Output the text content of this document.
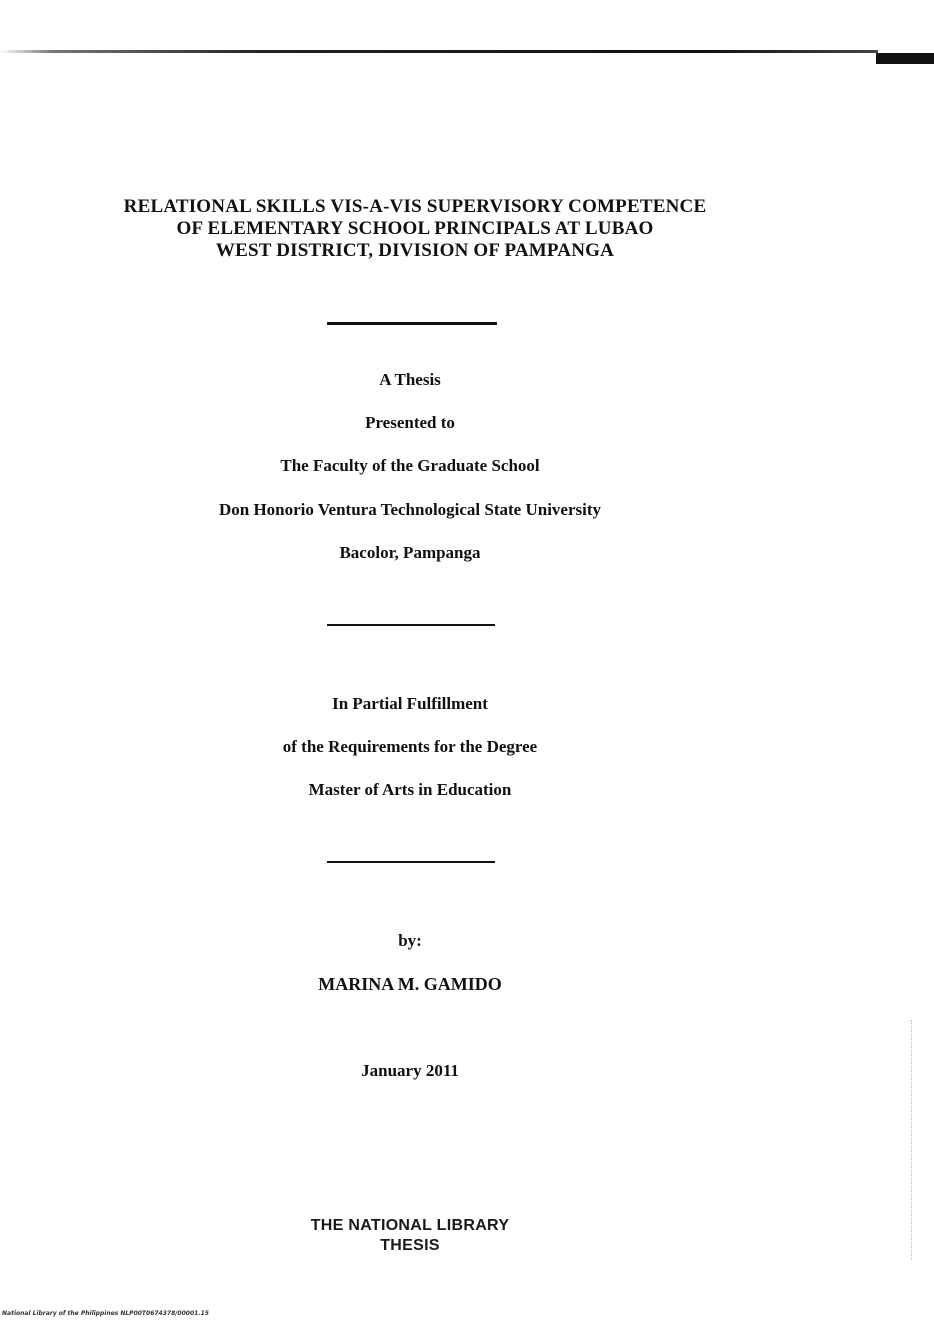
RELATIONAL SKILLS VIS-A-VIS SUPERVISORY COMPETENCE
OF ELEMENTARY SCHOOL PRINCIPALS AT LUBAO
WEST DISTRICT, DIVISION OF PAMPANGA
A Thesis
Presented to
The Faculty of the Graduate School
Don Honorio Ventura Technological State University
Bacolor, Pampanga
In Partial Fulfillment
of the Requirements for the Degree
Master of Arts in Education
by:
MARINA M. GAMIDO
January 2011
THE NATIONAL LIBRARY
THESIS
National Library of the Philippines NLP00T0674378/00001.15
